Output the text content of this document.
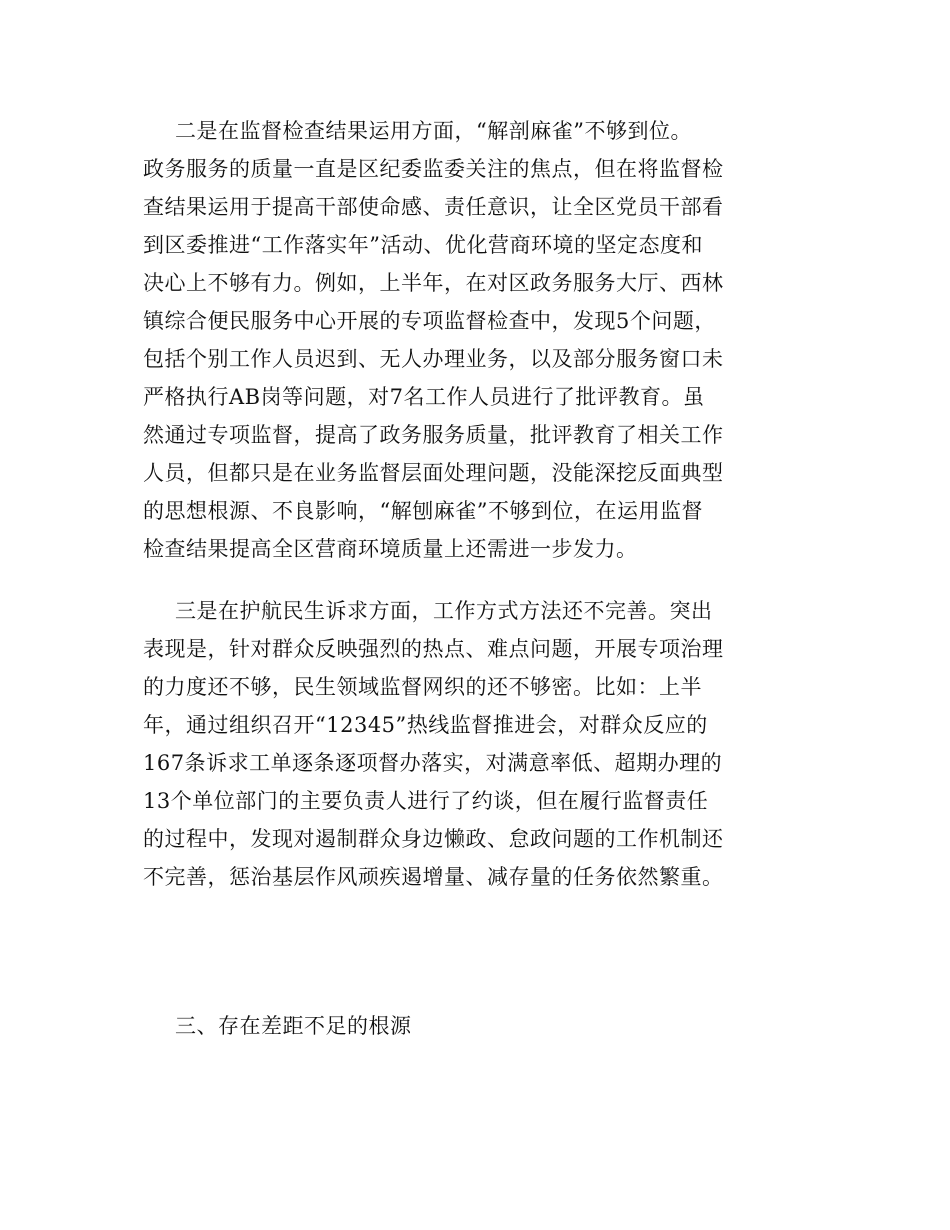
二是在监督检查结果运用方面，“解剖麻雀”不够到位。
政务服务的质量一直是区纪委监委关注的焦点，但在将监督检
查结果运用于提高干部使命感、责任意识，让全区党员干部看
到区委推进“工作落实年”活动、优化营商环境的坚定态度和
决心上不够有力。例如，上半年，在对区政务服务大厅、西林
镇综合便民服务中心开展的专项监督检查中，发现5个问题，
包括个别工作人员迟到、无人办理业务，以及部分服务窗口未
严格执行AB岗等问题，对7名工作人员进行了批评教育。虽
然通过专项监督，提高了政务服务质量，批评教育了相关工作
人员，但都只是在业务监督层面处理问题，没能深挖反面典型
的思想根源、不良影响，“解刨麻雀”不够到位，在运用监督
检查结果提高全区营商环境质量上还需进一步发力。
三是在护航民生诉求方面，工作方式方法还不完善。突出
表现是，针对群众反映强烈的热点、难点问题，开展专项治理
的力度还不够，民生领域监督网织的还不够密。比如：上半
年，通过组织召开“12345”热线监督推进会，对群众反应的
167条诉求工单逐条逐项督办落实，对满意率低、超期办理的
13个单位部门的主要负责人进行了约谈，但在履行监督责任
的过程中，发现对遏制群众身边懒政、怠政问题的工作机制还
不完善，惩治基层作风顽疾遏增量、减存量的任务依然繁重。
三、存在差距不足的根源
